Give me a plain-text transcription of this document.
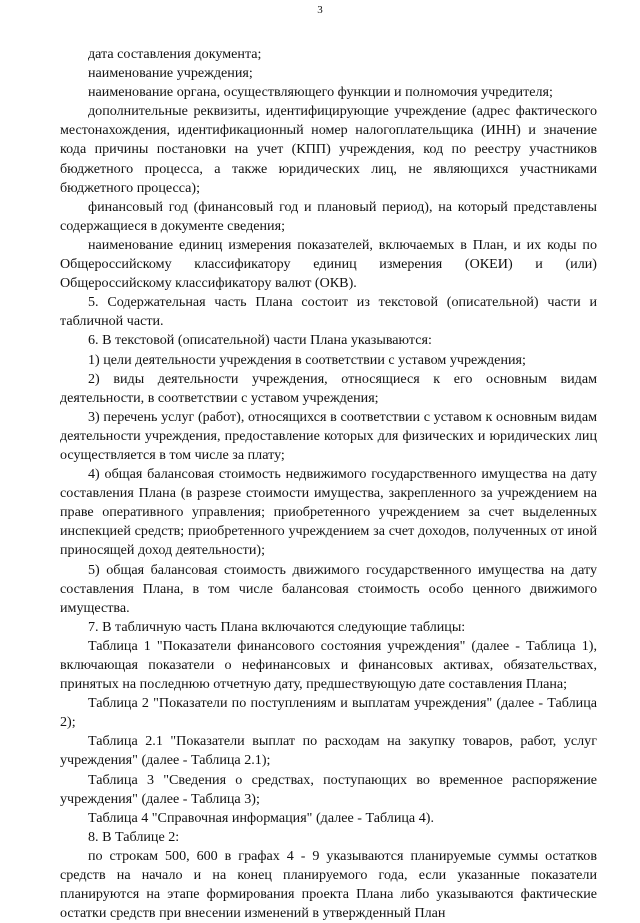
3

дата составления документа;

наименование учреждения;

наименование органа, осуществляющего функции и полномочия учредителя;

дополнительные реквизиты, идентифицирующие учреждение (адрес фактического местонахождения, идентификационный номер налогоплательщика (ИНН) и значение кода причины постановки на учет (КПП) учреждения, код по реестру участников бюджетного процесса, а также юридических лиц, не являющихся участниками бюджетного процесса);

финансовый год (финансовый год и плановый период), на который представлены содержащиеся в документе сведения;

наименование единиц измерения показателей, включаемых в План, и их коды по Общероссийскому классификатору единиц измерения (ОКЕИ) и (или) Общероссийскому классификатору валют (ОКВ).

5. Содержательная часть Плана состоит из текстовой (описательной) части и табличной части.

6. В текстовой (описательной) части Плана указываются:

1) цели деятельности учреждения в соответствии с уставом учреждения;

2) виды деятельности учреждения, относящиеся к его основным видам деятельности, в соответствии с уставом учреждения;

3) перечень услуг (работ), относящихся в соответствии с уставом к основным видам деятельности учреждения, предоставление которых для физических и юридических лиц осуществляется в том числе за плату;

4) общая балансовая стоимость недвижимого государственного имущества на дату составления Плана (в разрезе стоимости имущества, закрепленного за учреждением на праве оперативного управления; приобретенного учреждением за счет выделенных инспекцией средств; приобретенного учреждением за счет доходов, полученных от иной приносящей доход деятельности);

5) общая балансовая стоимость движимого государственного имущества на дату составления Плана, в том числе балансовая стоимость особо ценного движимого имущества.

7. В табличную часть Плана включаются следующие таблицы:

Таблица 1 "Показатели финансового состояния учреждения" (далее - Таблица 1), включающая показатели о нефинансовых и финансовых активах, обязательствах, принятых на последнюю отчетную дату, предшествующую дате составления Плана;

Таблица 2 "Показатели по поступлениям и выплатам учреждения" (далее - Таблица 2);

Таблица 2.1 "Показатели выплат по расходам на закупку товаров, работ, услуг учреждения" (далее - Таблица 2.1);

Таблица 3 "Сведения о средствах, поступающих во временное распоряжение учреждения" (далее - Таблица 3);

Таблица 4 "Справочная информация" (далее - Таблица 4).

8. В Таблице 2:

по строкам 500, 600 в графах 4 - 9 указываются планируемые суммы остатков средств на начало и на конец планируемого года, если указанные показатели планируются на этапе формирования проекта Плана либо указываются фактические остатки средств при внесении изменений в утвержденный План
